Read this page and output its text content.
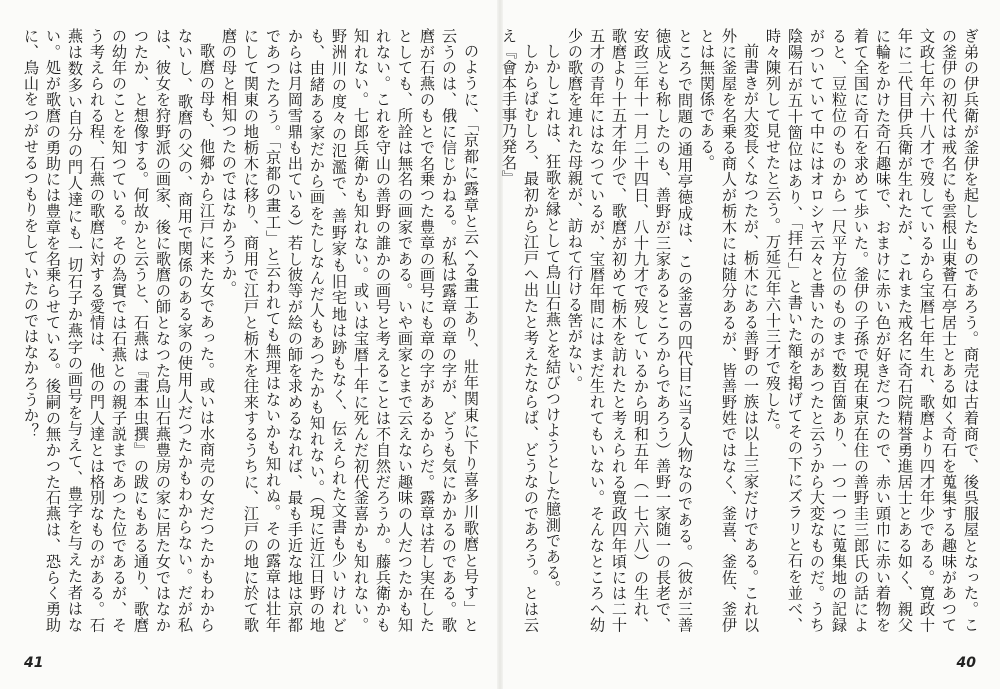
のように、「京都に露章と云へる畫工あり、壯年関東に下り喜多川歌麿と号す」と云うのは、俄に信じかねる。が私は露章の章の字が、どうも気にかかるのである。歌麿が石燕のもとで名乗つた豊章の画号にも章の字があるからだ。露章は若し実在したとしても、所詮は無名の画家である。いや画家とまで云えない趣味の人だつたかも知れない。これを守山の善野の誰かの画号と考えることは不自然だろうか。藤兵衛かも知れない。七郎兵衛かも知れない。或いは宝暦十年に死んだ初代釜喜かも知れない。野洲川の度々の氾濫で、善野家も旧宅地は跡もなく、伝えられた文書も少いけれども、由緒ある家だから画をたしなんだ人もあつたかも知れない。（現に近江日野の地からは月岡雪鼎も出ている）若し彼等が絵の師を求めるなれば、最も手近な地は京都であつたろう。「京都の畫工」と云われても無理はないかも知れぬ。その露章は壮年にして関東の地栃木に移り、商用で江戸と栃木を往来するうちに、江戸の地に於て歌麿の母と相知つたのではなかろうか。

歌麿の母も、他郷から江戸に来た女であった。或いは水商売の女だつたかもわからないし、歌麿の父の、商用で関係のある家の使用人だつたかもわからない。だが私は、彼女を狩野派の画家、後に歌麿の師となつた鳥山石燕豊房の家に居た女ではなかつたか、と想像する。何故かと云うと、石燕は『畫本虫撰』の跋にもある通り、歌麿の幼年のことを知つている。その為實では石燕との親子説まであつた位であるが、そう考えられる程、石燕の歌麿に対する愛情は、他の門人達とは格別なものがある。石燕は数多い自分の門人達にも一切石子か燕字の画号を与えて、豊字を与えた者はない。処が歌麿の勇助には豊章を名乗らせている。後嗣の無かつた石燕は、恐らく勇助に、鳥山をつがせるつもりをしていたのではなかろうか？

41

ぎ弟の伊兵衛が釜伊を起したものであろう。商売は古着商で、後呉服屋となった。この釜伊の初代は戒名にも雲根山東薈石亭居士とある如く奇石を蒐集する趣味があつて文政七年六十八才で歿しているから宝暦七年生れ、歌麿より四才年少である。寛政十年に二代目伊兵衛が生れたが、これまた戒名に奇石院精誉勇進居士とある如く、親父に輪をかけた奇石趣味で、おまけに赤い色が好きだつたので、赤い頭巾に赤い着物を着て全国に奇石を求めて歩いた。釜伊の子孫で現在東京在住の善野圭三郎氏の話によると、豆粒位のものから一尺平方位のものまで数百箇あり、一つ一つに蒐集地の記録がついていて中にはオロシヤ云々と書いたのがあつたと云うから大変なものだ。うち陰陽石が五十箇位はあり、「拝石」と書いた額を掲げてその下にズラリと石を並べ、時々陳列して見せたと云う。万延元年六十三才で歿した。

前書きが大変長くなつたが、栃木にある善野の一族は以上三家だけである。これ以外に釜屋を名乗る商人が栃木には随分あるが、皆善野姓ではなく、釜喜、釜佐、釜伊とは無関係である。

ところで問題の通用亭徳成は、この釜喜の四代目に当る人物なのである。（彼が三善徳成とも称したのも、善野が三家あるところからであろう）善野一家随一の長老で、安政三年十一月二十四日、八十九才で歿しているから明和五年（一七六八）の生れ、歌麿より十五才年少で、歌麿が初めて栃木を訪れたと考えられる寛政四年頃には二十五才の青年にはなつているが、宝暦年間にはまだ生れてもいない。そんなところへ幼少の歌麿を連れた母親が、訪ねて行ける筈がない。

しかしこれは、狂歌を縁として鳥山石燕とを結びつけようとした臆測である。

しからばむしろ、最初から江戸へ出たと考えたならば、どうなのであろう。とは云え『會本手事乃発名』

40
